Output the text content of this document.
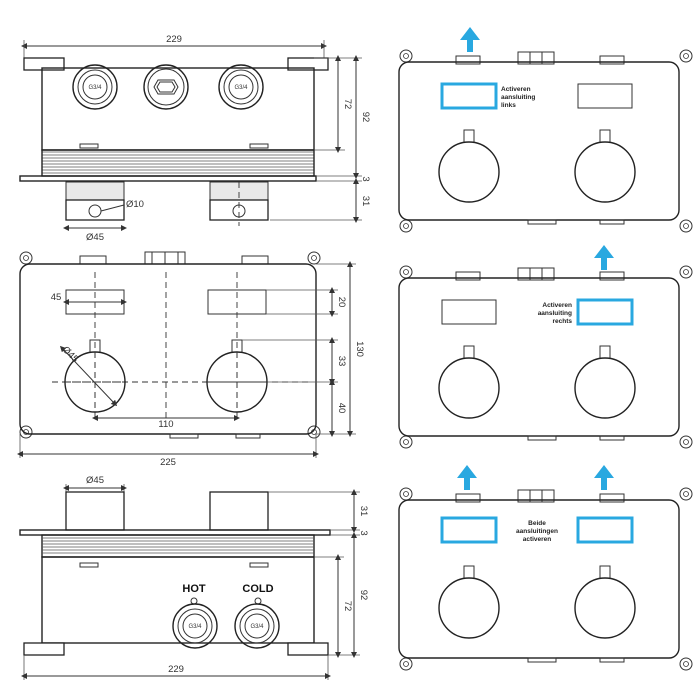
229
G3/4	G3/4
Ø10
Ø45
72
92
3
31
Ø45
45
110
225
20
33
40
130
Ø45
HOT	COLD
G3/4	G3/4
229
31
3
92
72
Activeren
aansluiting
links
Activeren
aansluiting
rechts
Beide
aansluitingen
activeren
